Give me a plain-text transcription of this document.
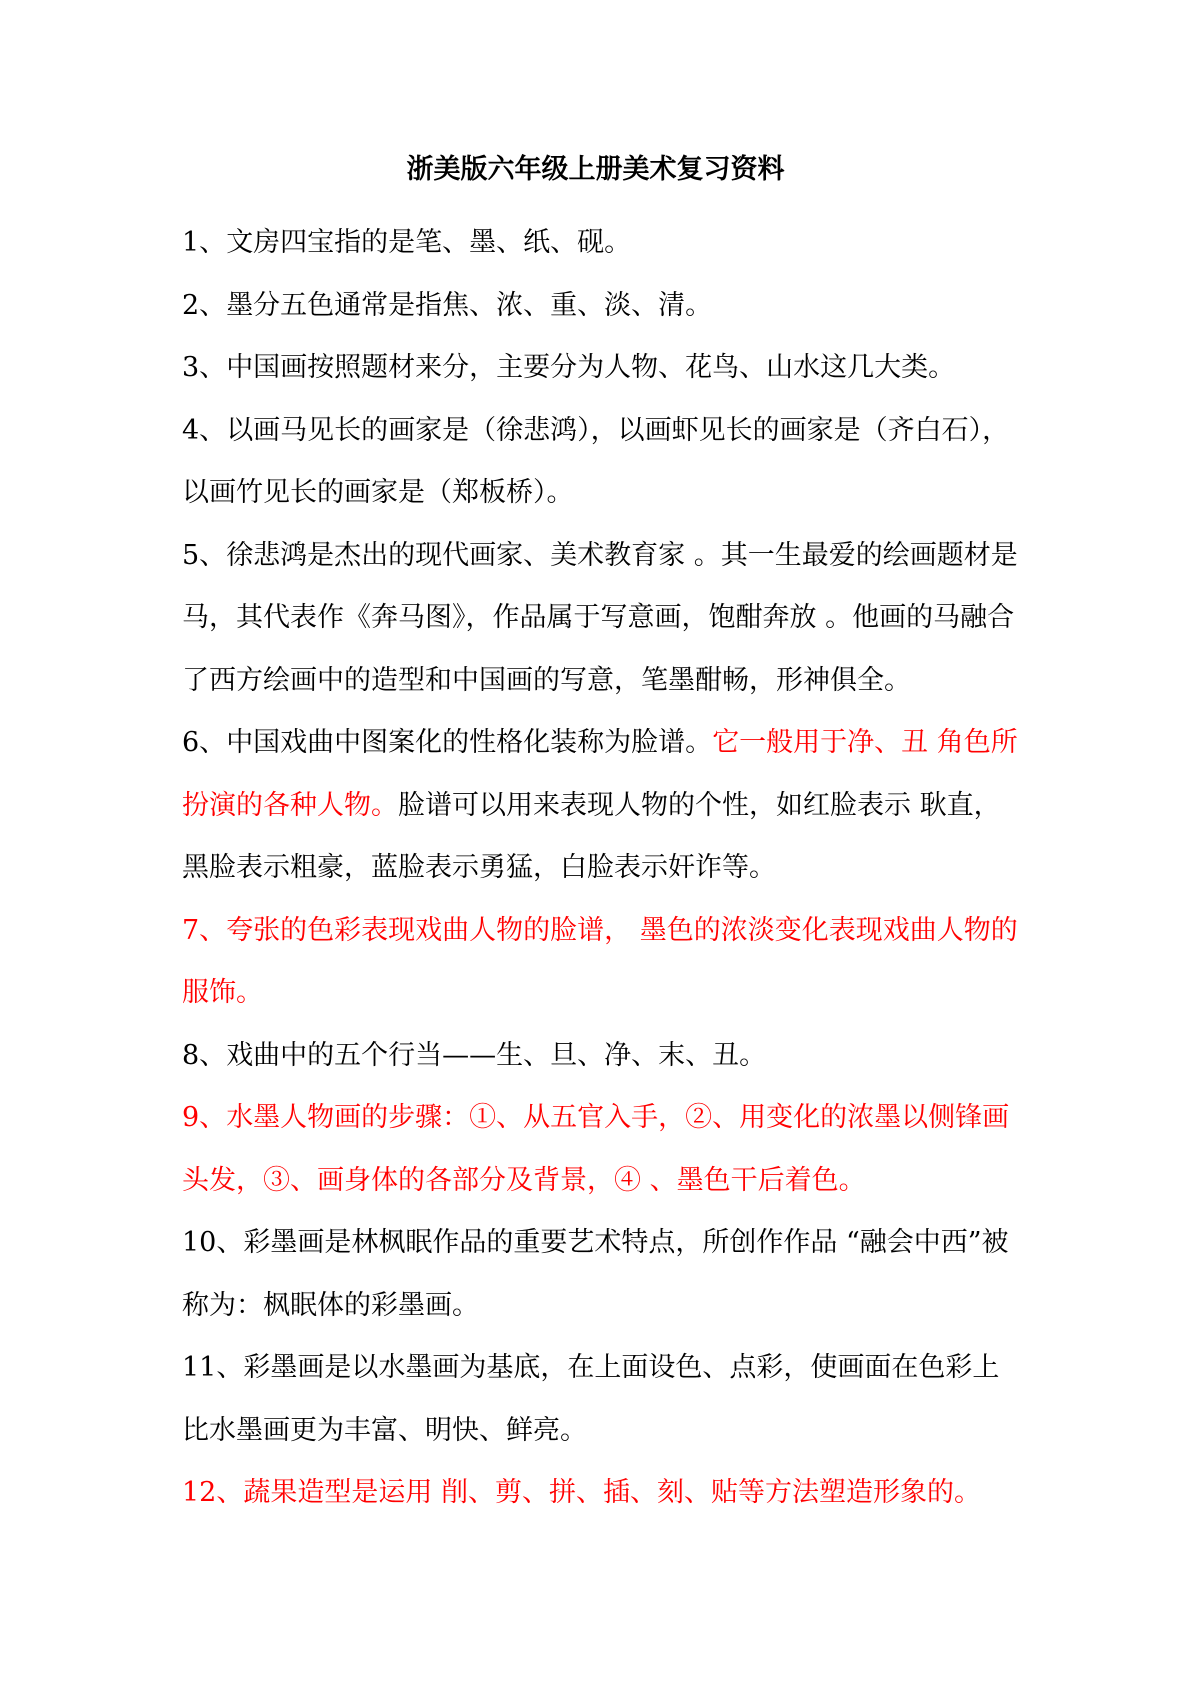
浙美版六年级上册美术复习资料

1、文房四宝指的是笔、墨、纸、砚。

2、墨分五色通常是指焦、浓、重、淡、清。

3、中国画按照题材来分，主要分为人物、花鸟、山水这几大类。

4、以画马见长的画家是（徐悲鸿），以画虾见长的画家是（齐白石），以画竹见长的画家是（郑板桥）。

5、徐悲鸿是杰出的现代画家、美术教育家 。其一生最爱的绘画题材是马，其代表作《奔马图》，作品属于写意画，饱酣奔放 。他画的马融合了西方绘画中的造型和中国画的写意，笔墨酣畅，形神俱全。

6、中国戏曲中图案化的性格化装称为脸谱。它一般用于净、丑 角色所扮演的各种人物。脸谱可以用来表现人物的个性，如红脸表示 耿直，黑脸表示粗豪，蓝脸表示勇猛，白脸表示奸诈等。

7、夸张的色彩表现戏曲人物的脸谱， 墨色的浓淡变化表现戏曲人物的服饰。

8、戏曲中的五个行当——生、旦、净、末、丑。

9、水墨人物画的步骤：①、从五官入手，②、用变化的浓墨以侧锋画头发，③、画身体的各部分及背景，④ 、墨色干后着色。

10、彩墨画是林枫眠作品的重要艺术特点，所创作作品 “融会中西”被称为：枫眠体的彩墨画。

11、彩墨画是以水墨画为基底，在上面设色、点彩，使画面在色彩上比水墨画更为丰富、明快、鲜亮。

12、蔬果造型是运用 削、剪、拼、插、刻、贴等方法塑造形象的。
